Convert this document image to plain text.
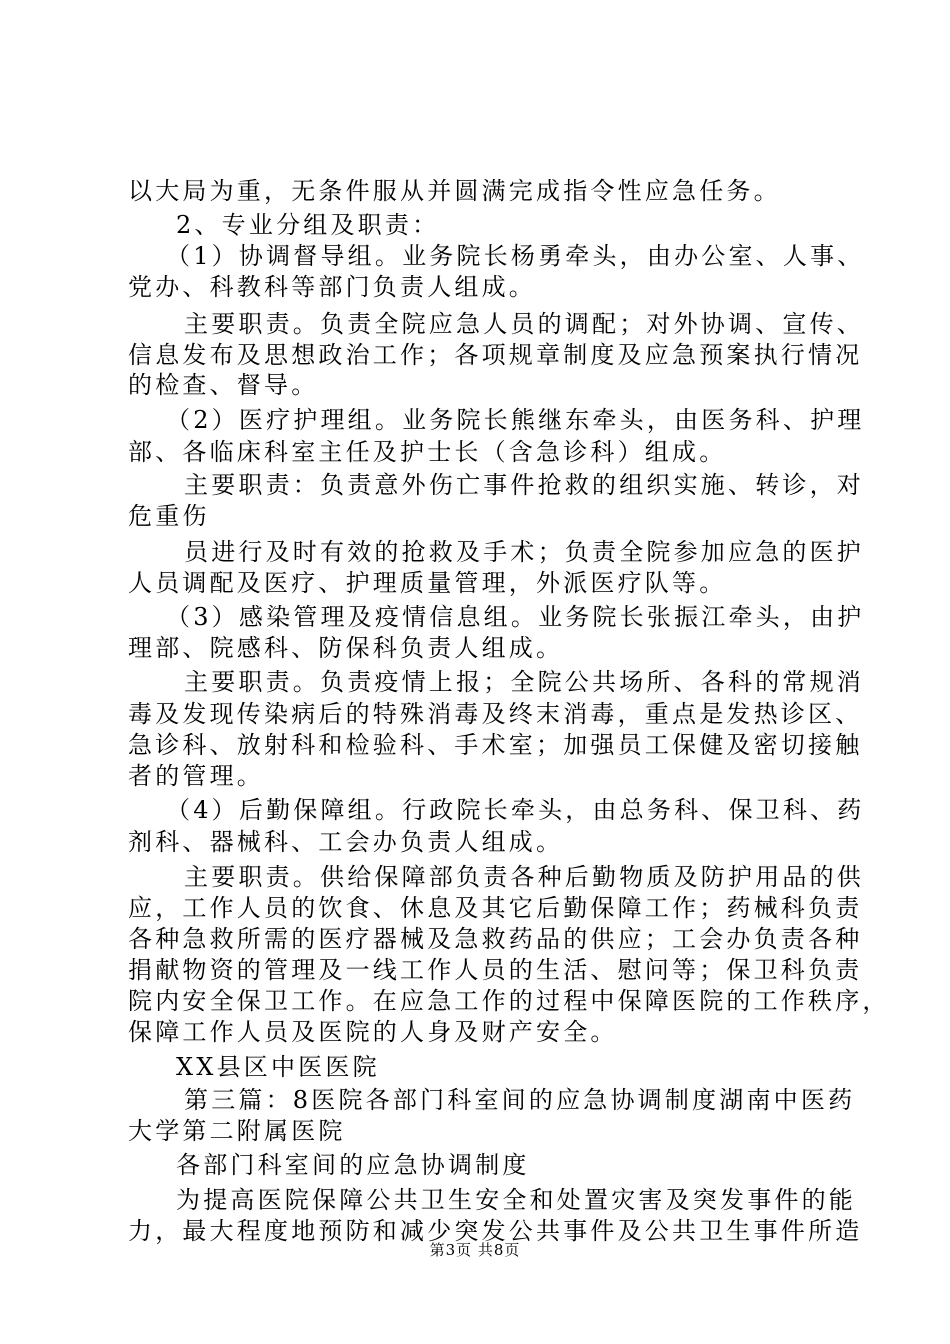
以大局为重，无条件服从并圆满完成指令性应急任务。
2、专业分组及职责：
（1）协调督导组。业务院长杨勇牵头，由办公室、人事、
党办、科教科等部门负责人组成。
主要职责。负责全院应急人员的调配；对外协调、宣传、
信息发布及思想政治工作；各项规章制度及应急预案执行情况
的检查、督导。
（2）医疗护理组。业务院长熊继东牵头，由医务科、护理
部、各临床科室主任及护士长（含急诊科）组成。
主要职责：负责意外伤亡事件抢救的组织实施、转诊，对
危重伤
员进行及时有效的抢救及手术；负责全院参加应急的医护
人员调配及医疗、护理质量管理，外派医疗队等。
（3）感染管理及疫情信息组。业务院长张振江牵头，由护
理部、院感科、防保科负责人组成。
主要职责。负责疫情上报；全院公共场所、各科的常规消
毒及发现传染病后的特殊消毒及终末消毒，重点是发热诊区、
急诊科、放射科和检验科、手术室；加强员工保健及密切接触
者的管理。
（4）后勤保障组。行政院长牵头，由总务科、保卫科、药
剂科、器械科、工会办负责人组成。
主要职责。供给保障部负责各种后勤物质及防护用品的供
应，工作人员的饮食、休息及其它后勤保障工作；药械科负责
各种急救所需的医疗器械及急救药品的供应；工会办负责各种
捐献物资的管理及一线工作人员的生活、慰问等；保卫科负责
院内安全保卫工作。在应急工作的过程中保障医院的工作秩序，
保障工作人员及医院的人身及财产安全。
XX县区中医医院
第三篇：8医院各部门科室间的应急协调制度湖南中医药
大学第二附属医院
各部门科室间的应急协调制度
为提高医院保障公共卫生安全和处置灾害及突发事件的能
力，最大程度地预防和减少突发公共事件及公共卫生事件所造
第3页 共8页
